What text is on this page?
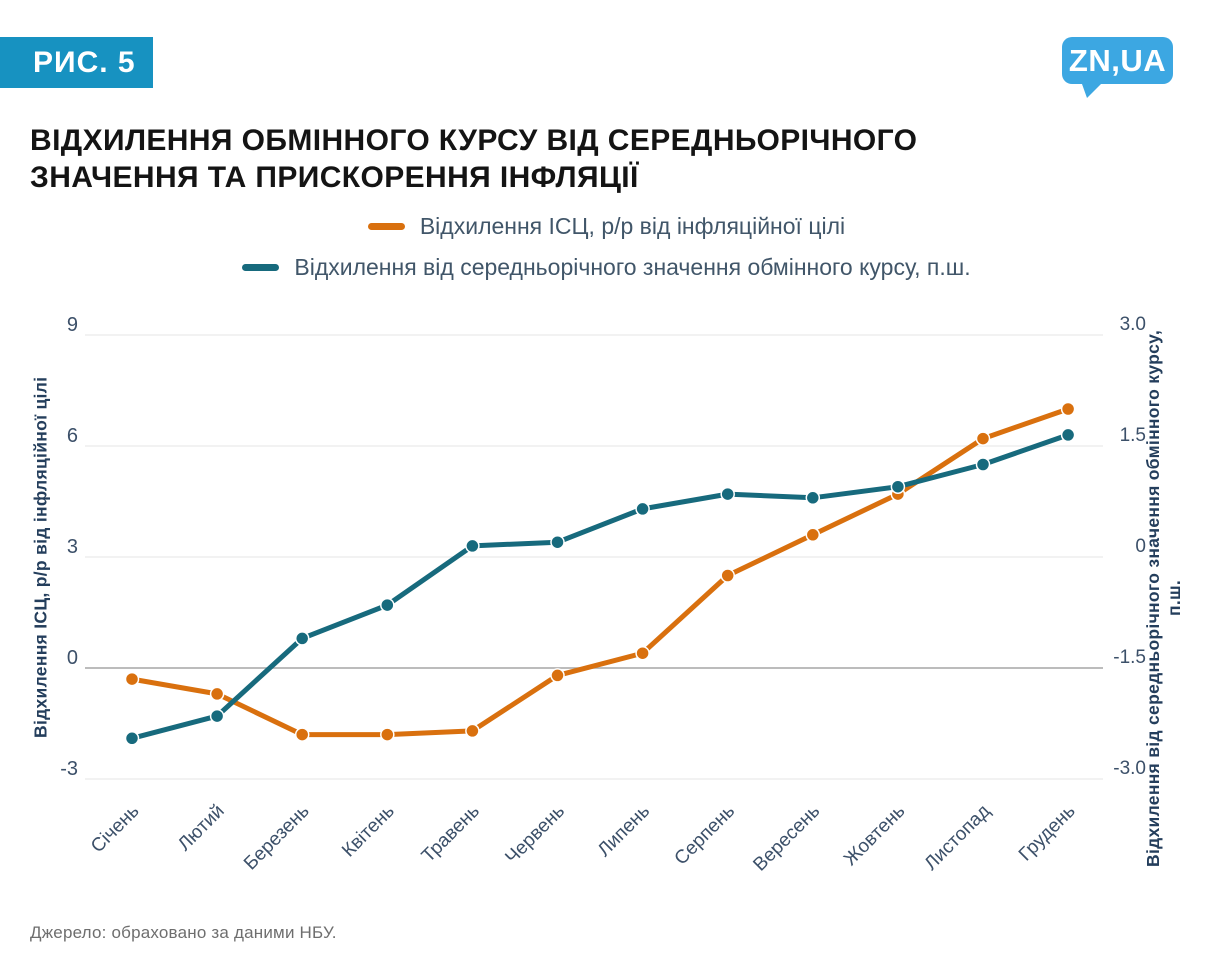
РИС. 5	ZN,UA
ВІДХИЛЕННЯ ОБМІННОГО КУРСУ ВІД СЕРЕДНЬОРІЧНОГО ЗНАЧЕННЯ ТА ПРИСКОРЕННЯ ІНФЛЯЦІЇ
Відхилення ІСЦ, р/р від інфляційної цілі
Відхилення від середньорічного значення обмінного курсу, п.ш.
9
6
3
0
-3
3.0
1.5
0
-1.5
-3.0
Січень Лютий Березень Квітень Травень Червень Липень Серпень Вересень Жовтень Листопад Грудень
Відхилення ІСЦ, р/р від інфляційної цілі	Відхилення від середньорічного значення обмінного курсу, п.ш.

Джерело: обраховано за даними НБУ.
